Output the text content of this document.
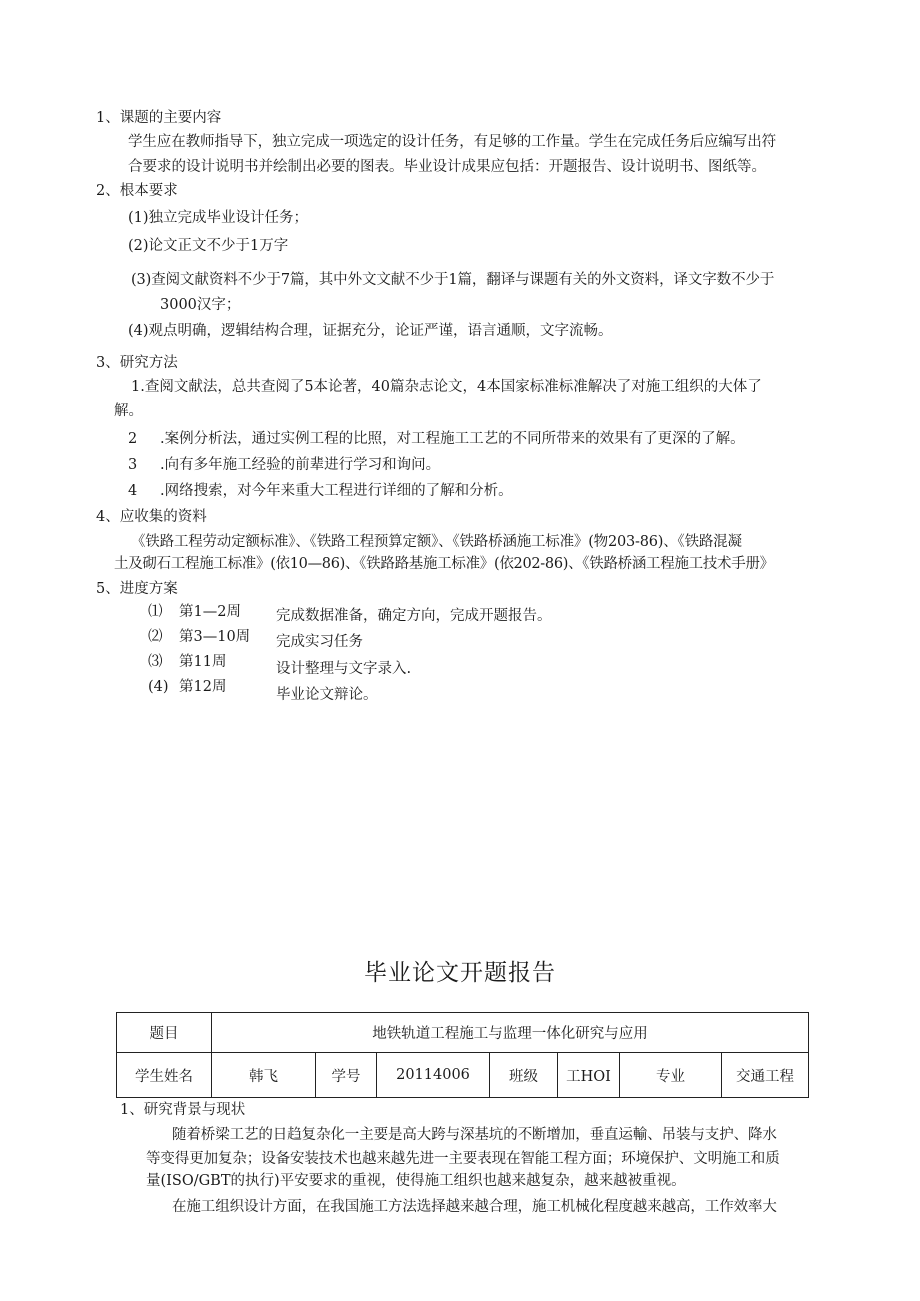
1、课题的主要内容
学生应在教师指导下，独立完成一项选定的设计任务，有足够的工作量。学生在完成任务后应编写出符
合要求的设计说明书并绘制出必要的图表。毕业设计成果应包括：开题报告、设计说明书、图纸等。
2、根本要求
(1)独立完成毕业设计任务；
(2)论文正文不少于1万字
(3)查阅文献资料不少于7篇，其中外文文献不少于1篇，翻译与课题有关的外文资料，译文字数不少于
3000汉字；
(4)观点明确，逻辑结构合理，证据充分，论证严谨，语言通顺，文字流畅。
3、研究方法
1.查阅文献法，总共查阅了5本论著，40篇杂志论文，4本国家标准标准解决了对施工组织的大体了
解。
2 .案例分析法，通过实例工程的比照，对工程施工工艺的不同所带来的效果有了更深的了解。
3 .向有多年施工经验的前辈进行学习和询问。
4 .网络搜索，对今年来重大工程进行详细的了解和分析。
4、应收集的资料
《铁路工程劳动定额标准》、《铁路工程预算定额》、《铁路桥涵施工标准》(物203-86)、《铁路混凝
土及砌石工程施工标准》(依10—86)、《铁路路基施工标准》(依202-86)、《铁路桥涵工程施工技术手册》
5、进度方案
⑴ 第1—2周 完成数据准备，确定方向，完成开题报告。
⑵ 第3—10周 完成实习任务
⑶ 第11周	设计整理与文字录入.
(4) 第12周	毕业论文辩论。
毕业论文开题报告
题目	地铁轨道工程施工与监理一体化研究与应用						
学生姓名	韩飞	学号	20114006	班级	工HOI	专业	交通工程
1、研究背景与现状
随着桥梁工艺的日趋复杂化一主要是高大跨与深基坑的不断增加，垂直运輸、吊装与支护、降水
等变得更加复杂；设备安装技术也越来越先进一主要表现在智能工程方面；环境保护、文明施工和质
量(ISO/GBT的执行)平安要求的重视，使得施工组织也越来越复杂，越来越被重视。
在施工组织设计方面，在我国施工方法选择越来越合理，施工机械化程度越来越高，工作效率大
